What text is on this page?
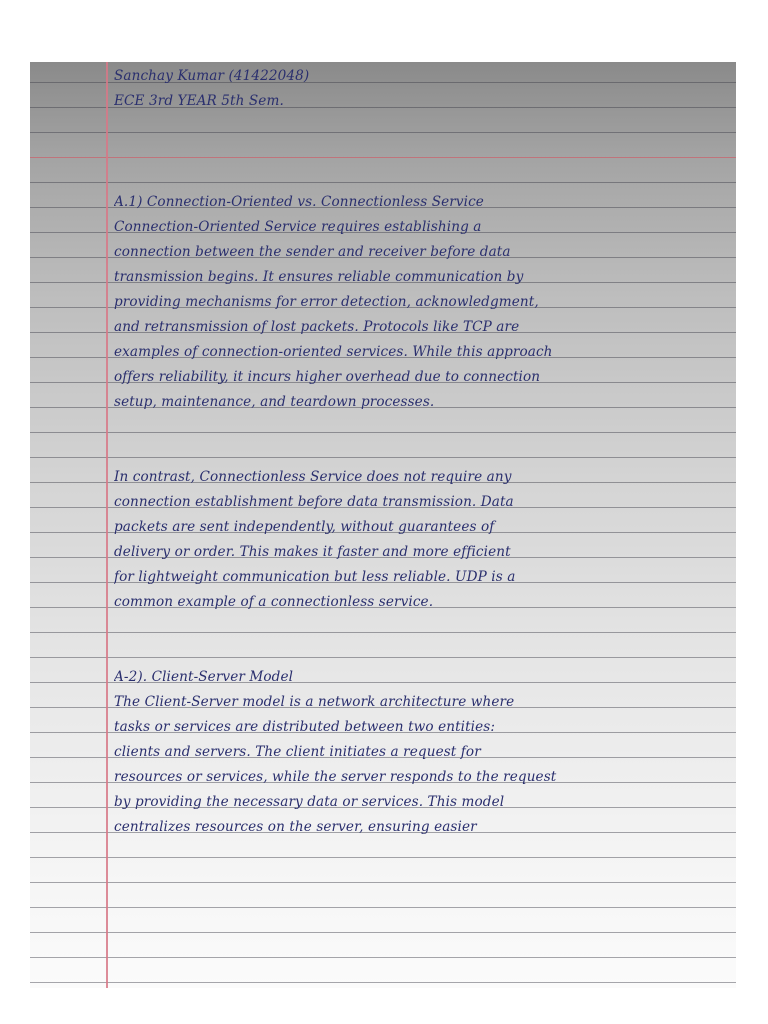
Sanchay Kumar (41422048)
ECE 3rd YEAR 5th Sem.
A.1) Connection-Oriented vs. Connectionless Service
Connection-Oriented Service requires establishing a
connection between the sender and receiver before data
transmission begins. It ensures reliable communication by
providing mechanisms for error detection, acknowledgment,
and retransmission of lost packets. Protocols like TCP are
examples of connection-oriented services. While this approach
offers reliability, it incurs higher overhead due to connection
setup, maintenance, and teardown processes.
In contrast, Connectionless Service does not require any
connection establishment before data transmission. Data
packets are sent independently, without guarantees of
delivery or order. This makes it faster and more efficient
for lightweight communication but less reliable. UDP is a
common example of a connectionless service.
A-2). Client-Server Model
The Client-Server model is a network architecture where
tasks or services are distributed between two entities:
clients and servers. The client initiates a request for
resources or services, while the server responds to the request
by providing the necessary data or services. This model
centralizes resources on the server, ensuring easier
